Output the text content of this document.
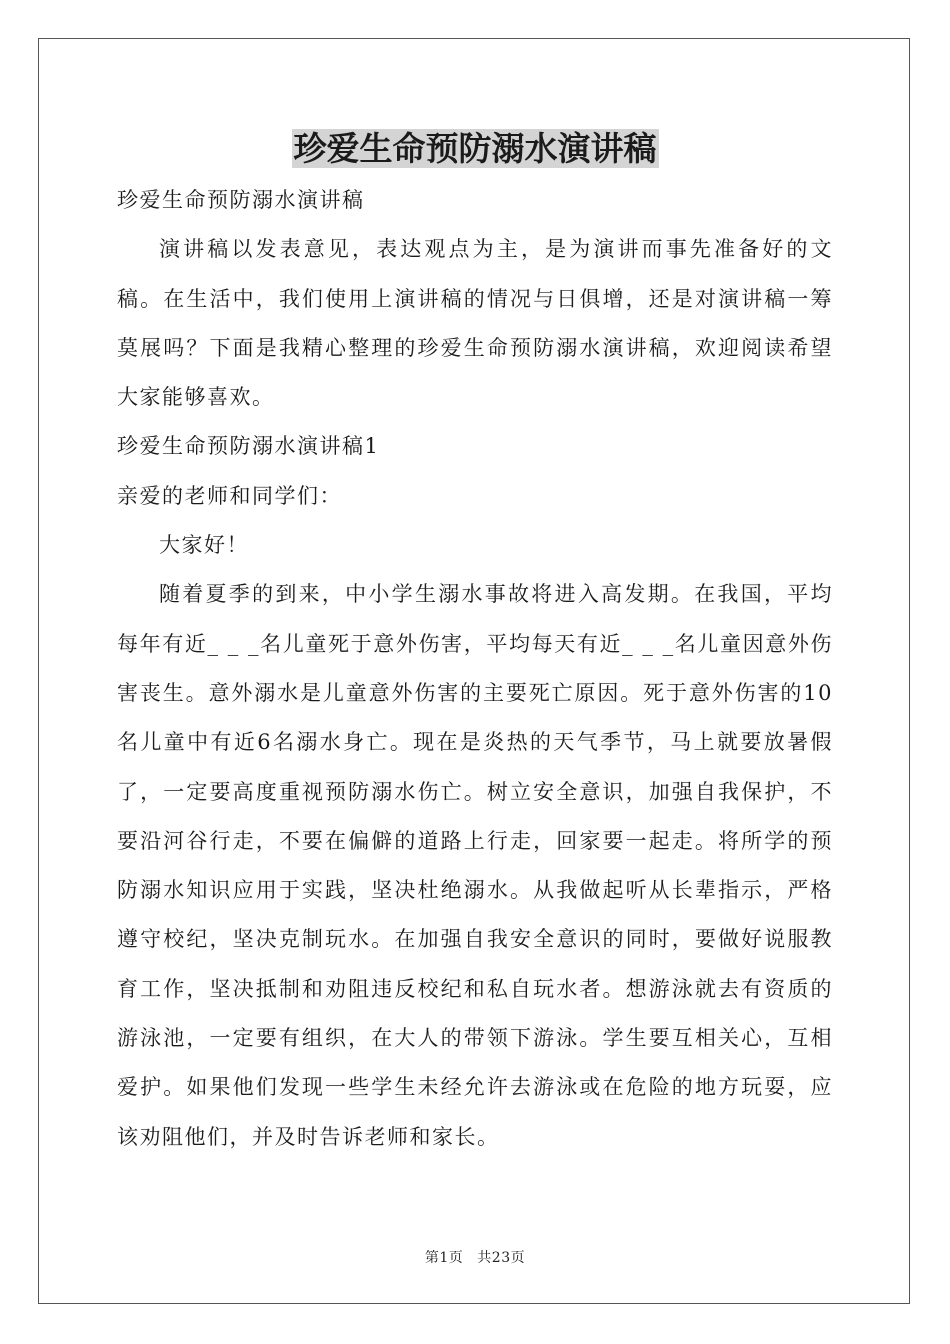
珍爱生命预防溺水演讲稿

珍爱生命预防溺水演讲稿

演讲稿以发表意见，表达观点为主，是为演讲而事先准备好的文稿。在生活中，我们使用上演讲稿的情况与日俱增，还是对演讲稿一筹莫展吗？下面是我精心整理的珍爱生命预防溺水演讲稿，欢迎阅读希望大家能够喜欢。

珍爱生命预防溺水演讲稿1

亲爱的老师和同学们：

大家好！

随着夏季的到来，中小学生溺水事故将进入高发期。在我国，平均每年有近_ _ _名儿童死于意外伤害，平均每天有近_ _ _名儿童因意外伤害丧生。意外溺水是儿童意外伤害的主要死亡原因。死于意外伤害的10名儿童中有近6名溺水身亡。现在是炎热的天气季节，马上就要放暑假了，一定要高度重视预防溺水伤亡。树立安全意识，加强自我保护，不要沿河谷行走，不要在偏僻的道路上行走，回家要一起走。将所学的预防溺水知识应用于实践，坚决杜绝溺水。从我做起听从长辈指示，严格遵守校纪，坚决克制玩水。在加强自我安全意识的同时，要做好说服教育工作，坚决抵制和劝阻违反校纪和私自玩水者。想游泳就去有资质的游泳池，一定要有组织，在大人的带领下游泳。学生要互相关心，互相爱护。如果他们发现一些学生未经允许去游泳或在危险的地方玩耍，应该劝阻他们，并及时告诉老师和家长。

第1页 共23页
